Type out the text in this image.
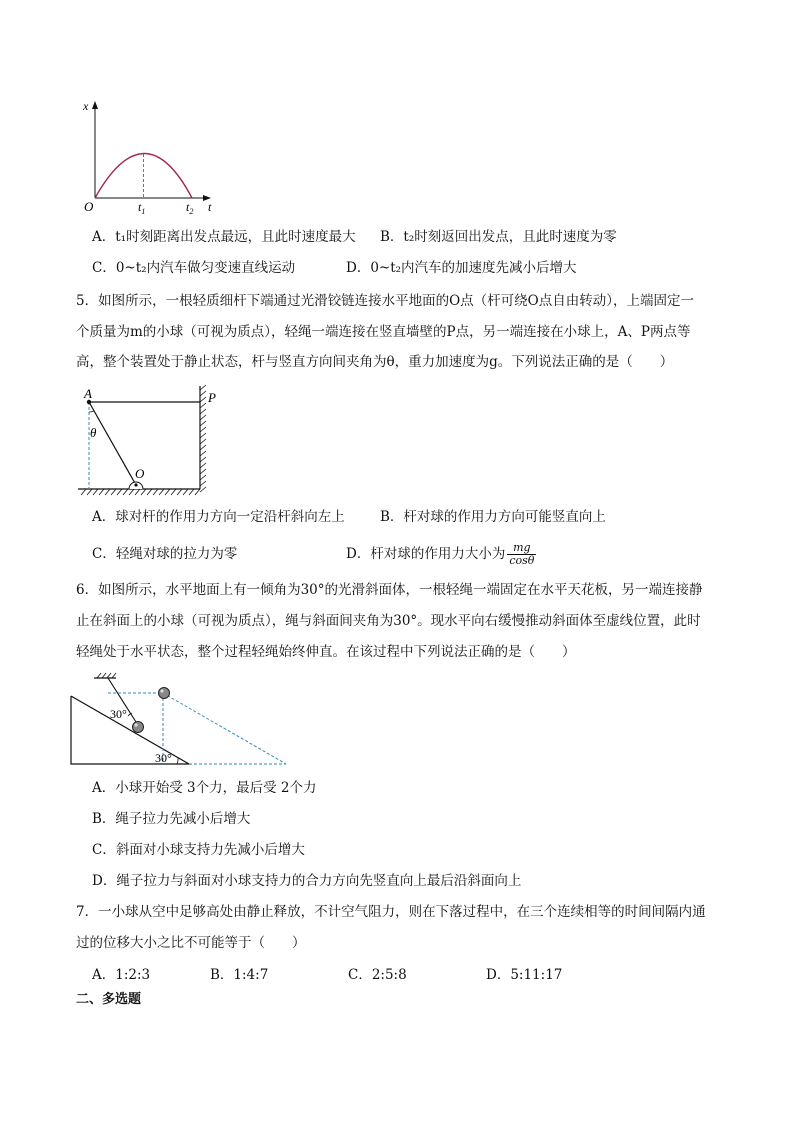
x
O	$t_1$	$t_2$ t
A．t₁时刻距离出发点最远，且此时速度最大 B．t₂时刻返回出发点，且此时速度为零
C．0~t₂内汽车做匀变速直线运动	D．0~t₂内汽车的加速度先减小后增大
5．如图所示，一根轻质细杆下端通过光滑铰链连接水平地面的O点（杆可绕O点自由转动），上端固定一
个质量为m的小球（可视为质点），轻绳一端连接在竖直墙壁的P点，另一端连接在小球上，A、P两点等
高，整个装置处于静止状态，杆与竖直方向间夹角为θ，重力加速度为g。下列说法正确的是（　　）
A	P
θ
O
A．球对杆的作用力方向一定沿杆斜向左上	B．杆对球的作用力方向可能竖直向上
C．轻绳对球的拉力为零	D．杆对球的作用力大小为 $\frac{mg}{\cos\theta}$
6．如图所示，水平地面上有一倾角为30°的光滑斜面体，一根轻绳一端固定在水平天花板，另一端连接静
止在斜面上的小球（可视为质点），绳与斜面间夹角为30°。现水平向右缓慢推动斜面体至虚线位置，此时
轻绳处于水平状态，整个过程轻绳始终伸直。在该过程中下列说法正确的是（　　）
30°
30°
A．小球开始受 3个力，最后受 2个力
B．绳子拉力先减小后增大
C．斜面对小球支持力先减小后增大
D．绳子拉力与斜面对小球支持力的合力方向先竖直向上最后沿斜面向上
7．一小球从空中足够高处由静止释放，不计空气阻力，则在下落过程中，在三个连续相等的时间间隔内通
过的位移大小之比不可能等于（　　）
A．1:2:3	B．1:4:7	C．2:5:8	D．5:11:17
二、多选题
